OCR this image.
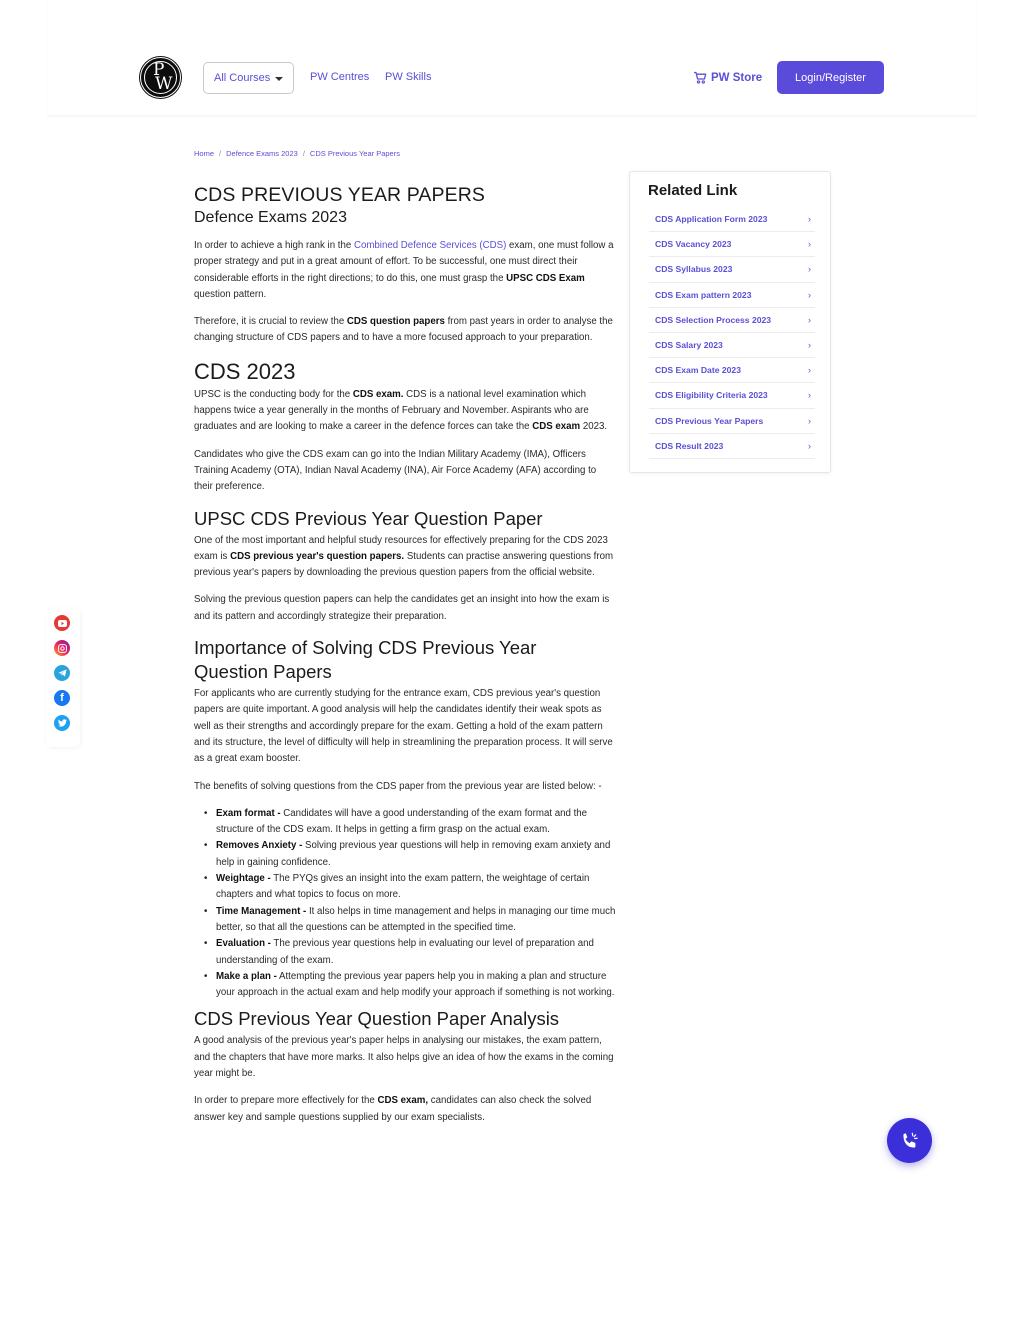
P
W	All Courses	PW Centres PW Skills	PW Store	Login/Register
Home / Defence Exams 2023 / CDS Previous Year Papers
CDS PREVIOUS YEAR PAPERS
Defence Exams 2023

In order to achieve a high rank in the Combined Defence Services (CDS) exam, one must follow a proper strategy and put in a great amount of effort. To be successful, one must direct their considerable efforts in the right directions; to do this, one must grasp the UPSC CDS Exam question pattern.

Therefore, it is crucial to review the CDS question papers from past years in order to analyse the changing structure of CDS papers and to have a more focused approach to your preparation.

CDS 2023

UPSC is the conducting body for the CDS exam. CDS is a national level examination which happens twice a year generally in the months of February and November. Aspirants who are graduates and are looking to make a career in the defence forces can take the CDS exam 2023.

Candidates who give the CDS exam can go into the Indian Military Academy (IMA), Officers Training Academy (OTA), Indian Naval Academy (INA), Air Force Academy (AFA) according to their preference.

UPSC CDS Previous Year Question Paper

One of the most important and helpful study resources for effectively preparing for the CDS 2023 exam is CDS previous year's question papers. Students can practise answering questions from previous year's papers by downloading the previous question papers from the official website.

Solving the previous question papers can help the candidates get an insight into how the exam is and its pattern and accordingly strategize their preparation.

Importance of Solving CDS Previous Year Question Papers

For applicants who are currently studying for the entrance exam, CDS previous year's question papers are quite important. A good analysis will help the candidates identify their weak spots as well as their strengths and accordingly prepare for the exam. Getting a hold of the exam pattern and its structure, the level of difficulty will help in streamlining the preparation process. It will serve as a great exam booster.

The benefits of solving questions from the CDS paper from the previous year are listed below: -

• Exam format - Candidates will have a good understanding of the exam format and the structure of the CDS exam. It helps in getting a firm grasp on the actual exam.
• Removes Anxiety - Solving previous year questions will help in removing exam anxiety and help in gaining confidence.
• Weightage - The PYQs gives an insight into the exam pattern, the weightage of certain chapters and what topics to focus on more.
• Time Management - It also helps in time management and helps in managing our time much better, so that all the questions can be attempted in the specified time.
• Evaluation - The previous year questions help in evaluating our level of preparation and understanding of the exam.
• Make a plan - Attempting the previous year papers help you in making a plan and structure your approach in the actual exam and help modify your approach if something is not working.
CDS Previous Year Question Paper Analysis

A good analysis of the previous year's paper helps in analysing our mistakes, the exam pattern, and the chapters that have more marks. It also helps give an idea of how the exams in the coming year might be.

In order to prepare more effectively for the CDS exam, candidates can also check the solved answer key and sample questions supplied by our exam specialists.

Related Link
CDS Application Form 2023	›
CDS Vacancy 2023	›
CDS Syllabus 2023	›
CDS Exam pattern 2023	›
CDS Selection Process 2023	›
CDS Salary 2023	›
CDS Exam Date 2023	›
CDS Eligibility Criteria 2023	›
CDS Previous Year Papers	›
CDS Result 2023	›
f
